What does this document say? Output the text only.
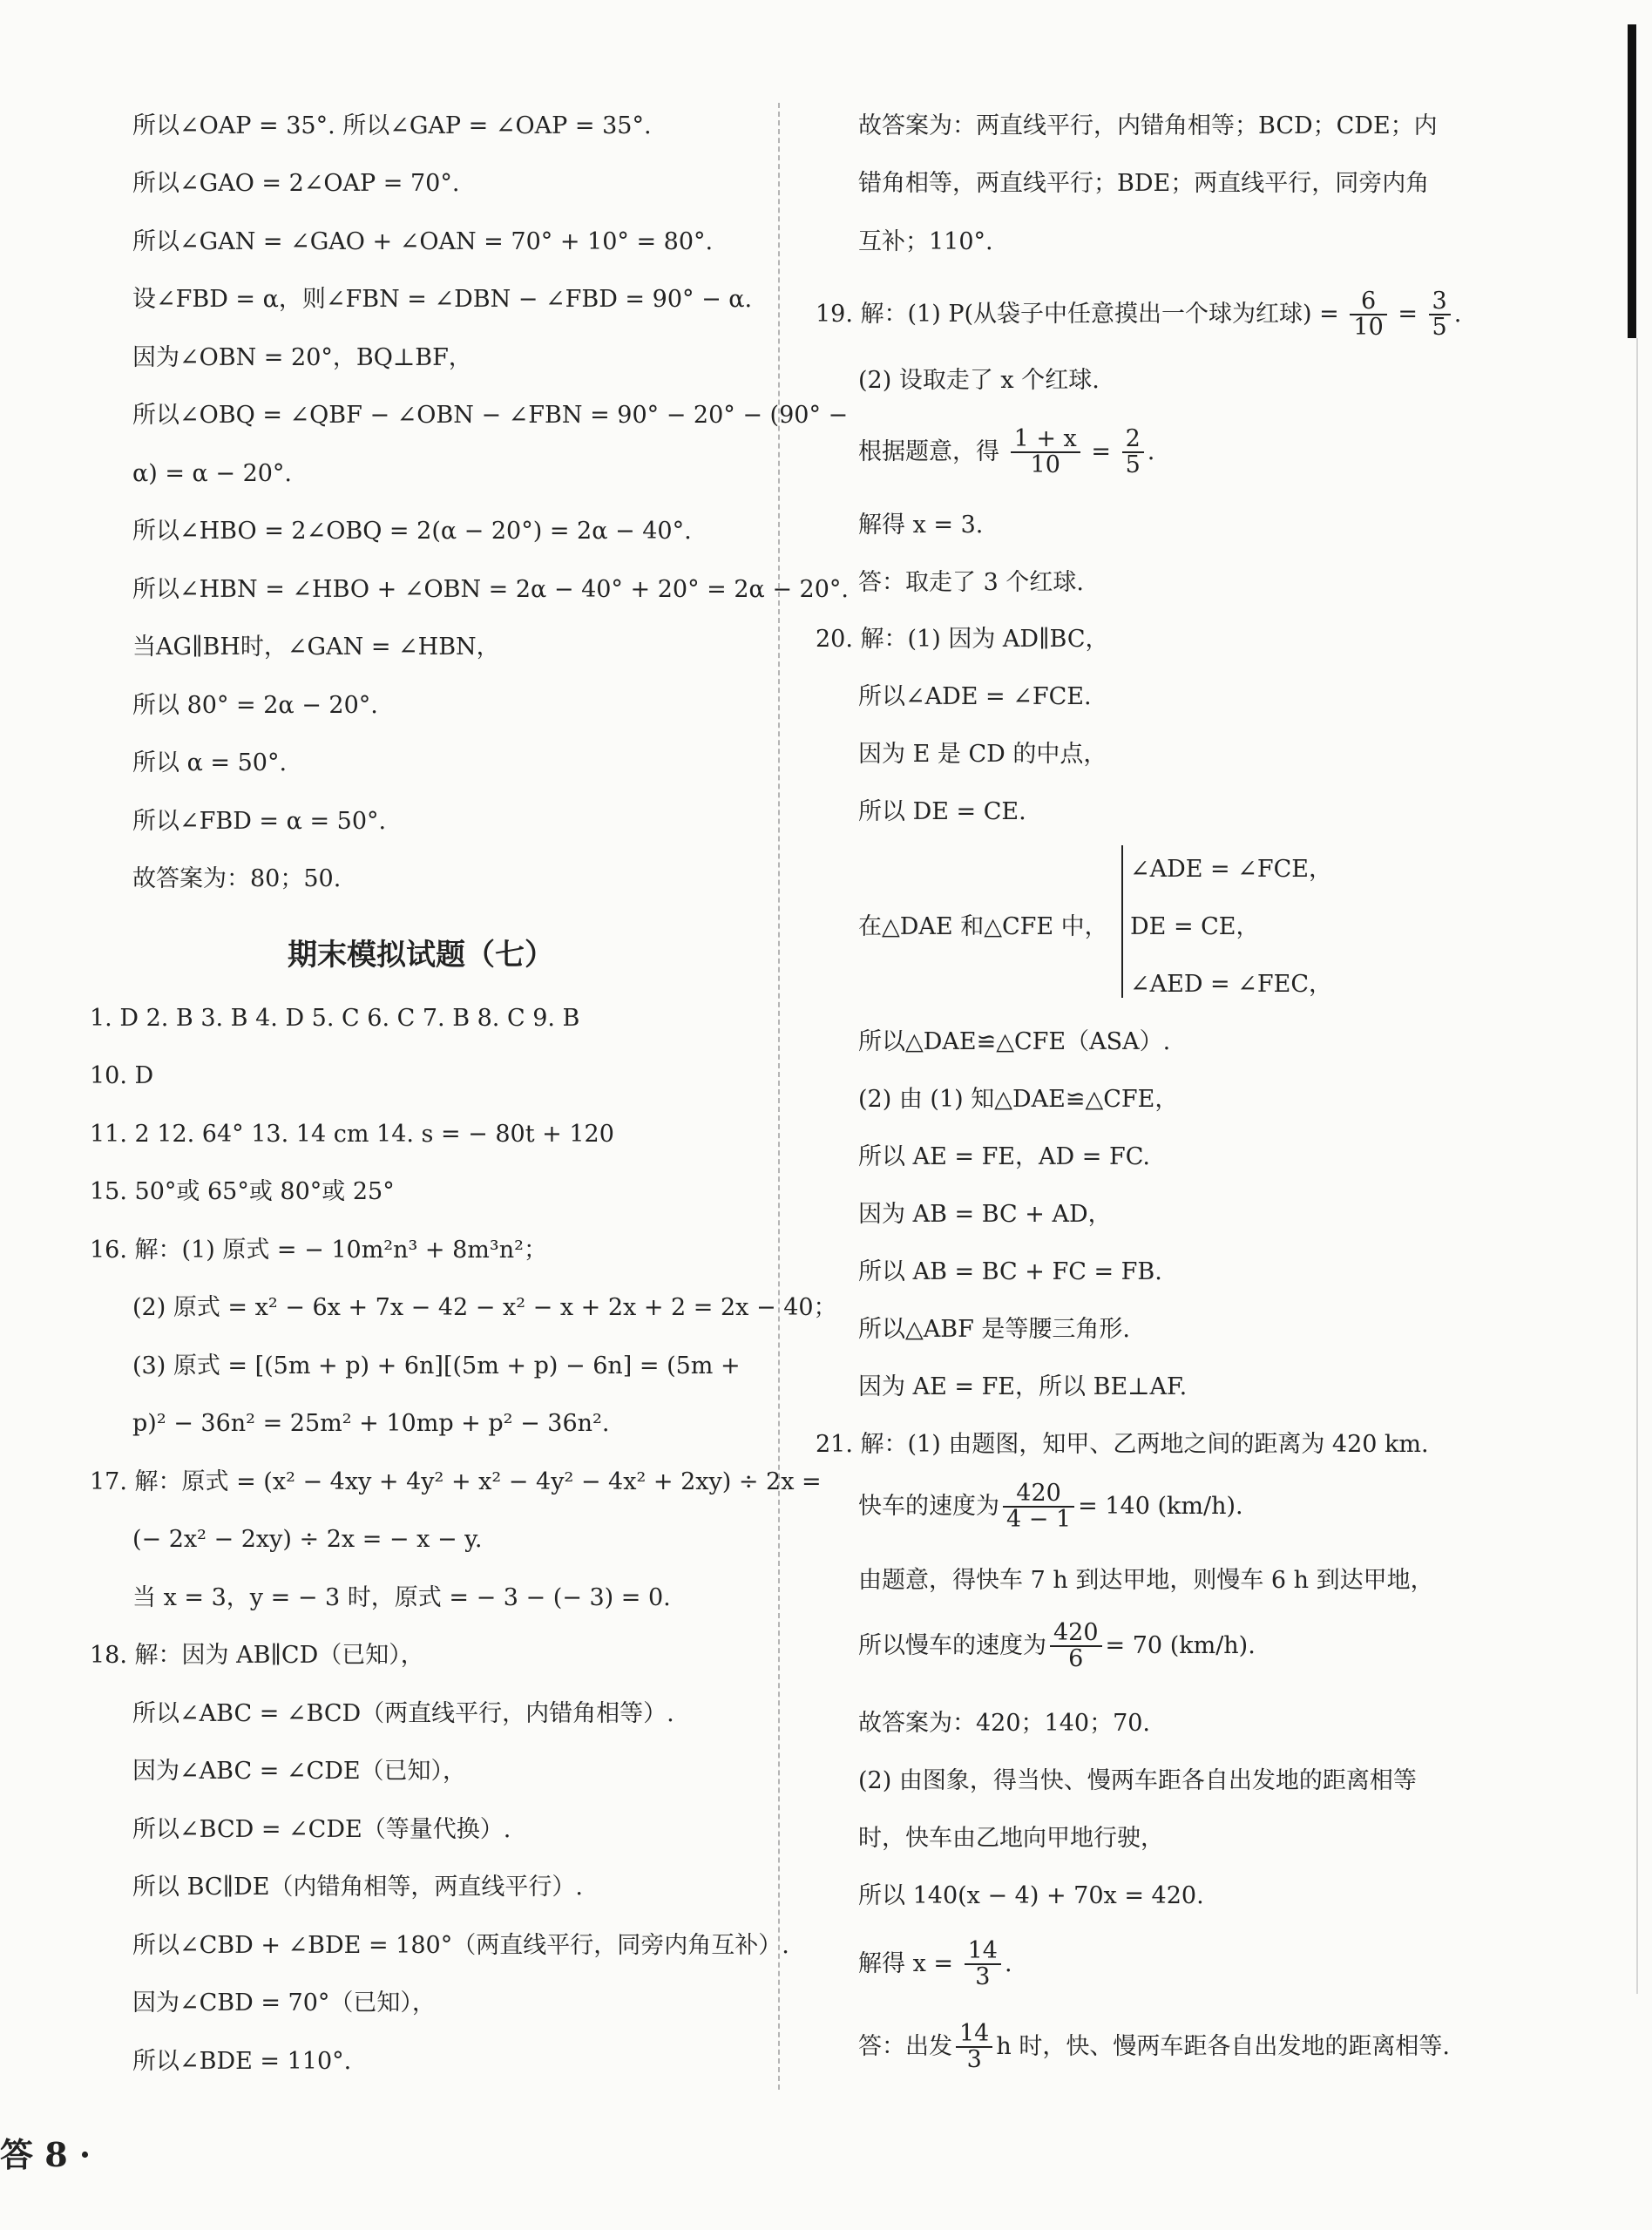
所以∠OAP = 35°. 所以∠GAP = ∠OAP = 35°.
所以∠GAO = 2∠OAP = 70°.
所以∠GAN = ∠GAO + ∠OAN = 70° + 10° = 80°.
设∠FBD = α，则∠FBN = ∠DBN − ∠FBD = 90° − α.
因为∠OBN = 20°，BQ⊥BF，
所以∠OBQ = ∠QBF − ∠OBN − ∠FBN = 90° − 20° − (90° −
α) = α − 20°.
所以∠HBO = 2∠OBQ = 2(α − 20°) = 2α − 40°.
所以∠HBN = ∠HBO + ∠OBN = 2α − 40° + 20° = 2α − 20°.
当AG∥BH时，∠GAN = ∠HBN，
所以 80° = 2α − 20°.
所以 α = 50°.
所以∠FBD = α = 50°.
故答案为：80；50.
期末模拟试题（七）
1. D 2. B 3. B 4. D 5. C 6. C 7. B 8. C 9. B
10. D
11. 2 12. 64° 13. 14 cm 14. s = − 80t + 120
15. 50°或 65°或 80°或 25°
16. 解：(1) 原式 = − 10m²n³ + 8m³n²；
(2) 原式 = x² − 6x + 7x − 42 − x² − x + 2x + 2 = 2x − 40；
(3) 原式 = [(5m + p) + 6n][(5m + p) − 6n] = (5m +
p)² − 36n² = 25m² + 10mp + p² − 36n².
17. 解：原式 = (x² − 4xy + 4y² + x² − 4y² − 4x² + 2xy) ÷ 2x =
(− 2x² − 2xy) ÷ 2x = − x − y.
当 x = 3，y = − 3 时，原式 = − 3 − (− 3) = 0.
18. 解：因为 AB∥CD（已知），
所以∠ABC = ∠BCD（两直线平行，内错角相等）.
因为∠ABC = ∠CDE（已知），
所以∠BCD = ∠CDE（等量代换）.
所以 BC∥DE（内错角相等，两直线平行）.
所以∠CBD + ∠BDE = 180°（两直线平行，同旁内角互补）.
因为∠CBD = 70°（已知），
所以∠BDE = 110°.
故答案为：两直线平行，内错角相等；BCD；CDE；内
错角相等，两直线平行；BDE；两直线平行，同旁内角
互补；110°.
19. 解：(1) P(从袋子中任意摸出一个球为红球) = $\frac{6}{10} = \frac{3}{5}$ .
(2) 设取走了 x 个红球.
根据题意，得 $\frac{1 + x}{10} = \frac{2}{5}$ .
解得 x = 3.
答：取走了 3 个红球.
20. 解：(1) 因为 AD∥BC，
所以∠ADE = ∠FCE.
因为 E 是 CD 的中点，
所以 DE = CE.
在△DAE 和△CFE 中，
∠ADE = ∠FCE，
DE = CE，
∠AED = ∠FEC，
所以△DAE≌△CFE（ASA）.
(2) 由 (1) 知△DAE≌△CFE，
所以 AE = FE，AD = FC.
因为 AB = BC + AD，
所以 AB = BC + FC = FB.
所以△ABF 是等腰三角形.
因为 AE = FE，所以 BE⊥AF.
21. 解：(1) 由题图，知甲、乙两地之间的距离为 420 km.
快车的速度为 $\frac{420}{4 - 1} = 140$ (km/h).
由题意，得快车 7 h 到达甲地，则慢车 6 h 到达甲地，
所以慢车的速度为 $\frac{420}{6} = 70$ (km/h).
故答案为：420；140；70.
(2) 由图象，得当快、慢两车距各自出发地的距离相等
时，快车由乙地向甲地行驶，
所以 140(x − 4) + 70x = 420.
解得 $x = \frac{14}{3}$ .
答：出发 $\frac{14}{3}$ h 时，快、慢两车距各自出发地的距离相等.
答 8 ·
